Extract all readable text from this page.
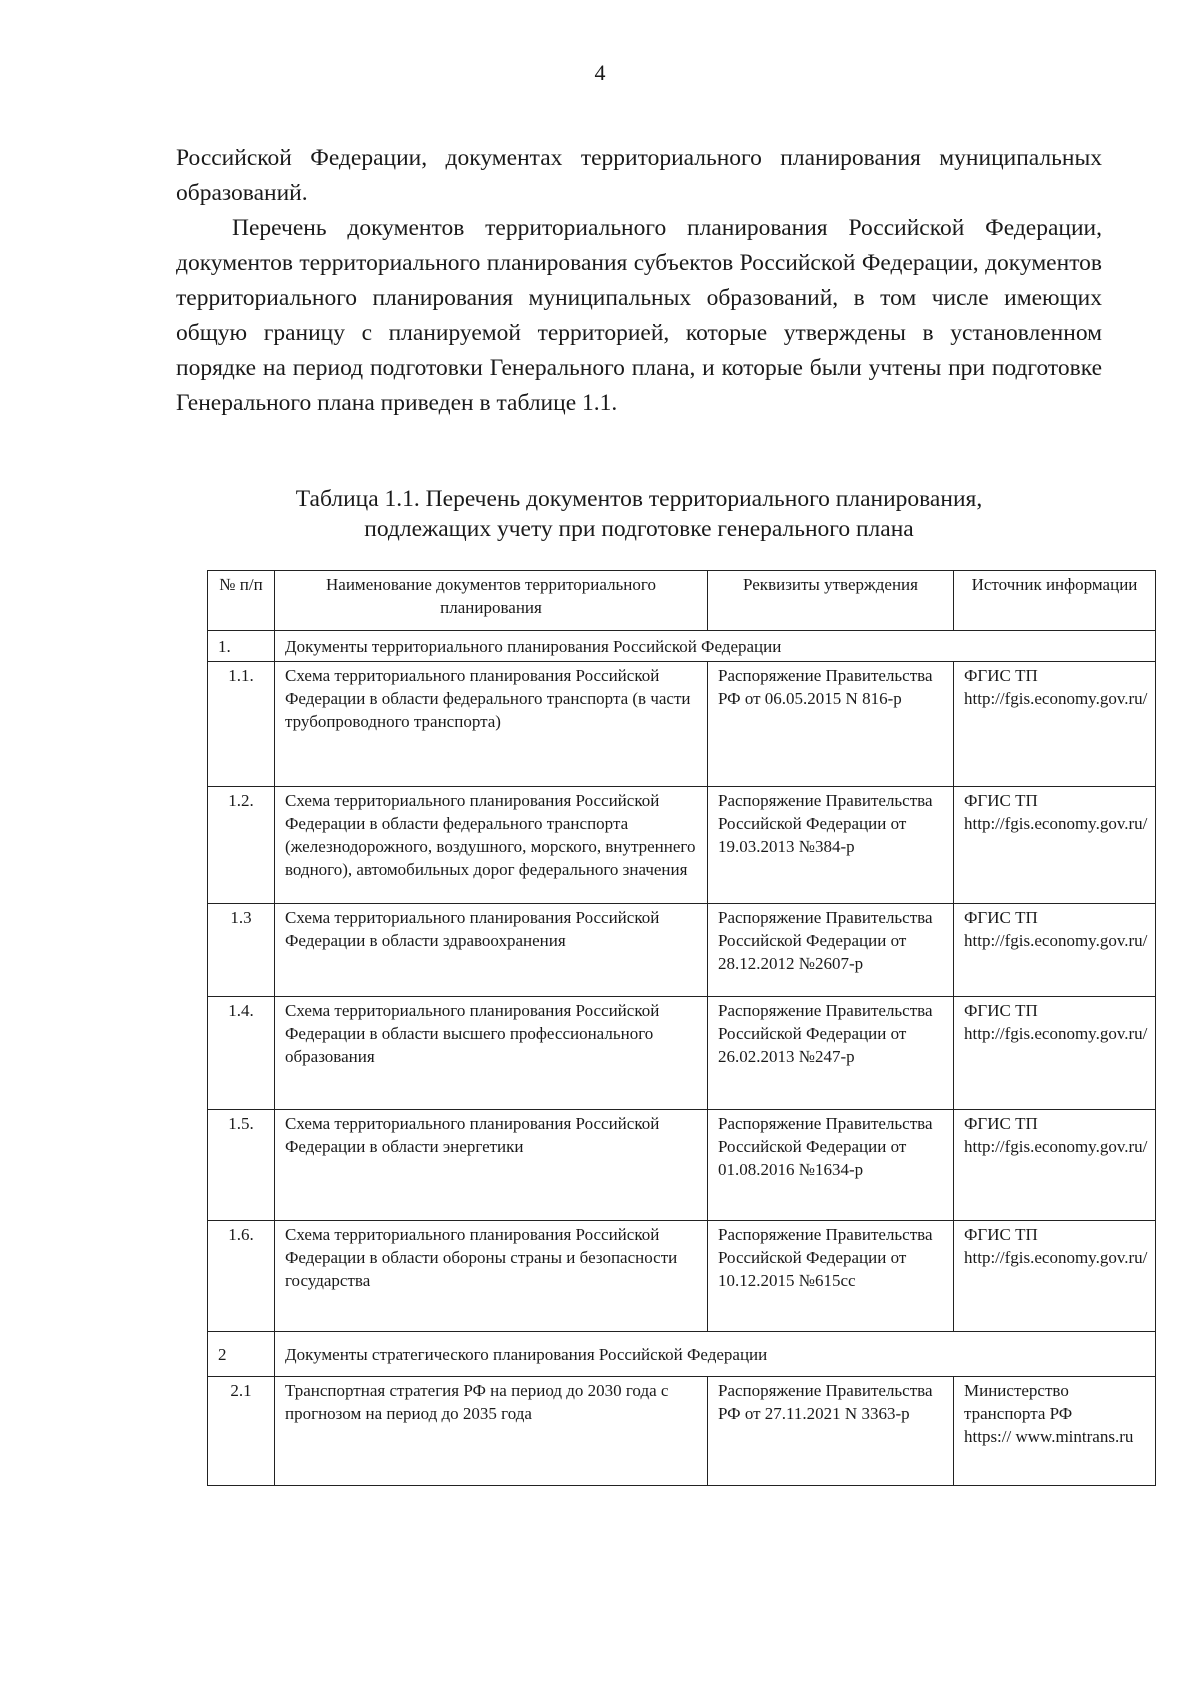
4

Российской Федерации, документах территориального планирования муниципальных образований.

Перечень документов территориального планирования Российской Федерации, документов территориального планирования субъектов Российской Федерации, документов территориального планирования муниципальных образований, в том числе имеющих общую границу с планируемой территорией, которые утверждены в установленном порядке на период подготовки Генерального плана, и которые были учтены при подготовке Генерального плана приведен в таблице 1.1.

Таблица 1.1. Перечень документов территориального планирования,
подлежащих учету при подготовке генерального плана
№ п/п	Наименование документов территориального планирования	Реквизиты утверждения	Источник информации
1.	Документы территориального планирования Российской Федерации		
1.1.	Схема территориального планирования Российской Федерации в области федерального транспорта (в части трубопроводного транспорта)	Распоряжение Правительства РФ от 06.05.2015 N 816-р	ФГИС ТП
http://fgis.economy.gov.ru/

1.2.	Схема территориального планирования Российской Федерации в области федерального транспорта (железнодорожного, воздушного, морского, внутреннего водного), автомобильных дорог федерального значения	Распоряжение Правительства Российской Федерации от 19.03.2013 №384-р	ФГИС ТП
http://fgis.economy.gov.ru/

1.3	Схема территориального планирования Российской Федерации в области здравоохранения	Распоряжение Правительства Российской Федерации от 28.12.2012 №2607-р	ФГИС ТП
http://fgis.economy.gov.ru/

1.4.	Схема территориального планирования Российской Федерации в области высшего профессионального образования	Распоряжение Правительства Российской Федерации от 26.02.2013 №247-р	ФГИС ТП
http://fgis.economy.gov.ru/

1.5.	Схема территориального планирования Российской Федерации в области энергетики	Распоряжение Правительства Российской Федерации от 01.08.2016 №1634-р	ФГИС ТП
http://fgis.economy.gov.ru/

1.6.	Схема территориального планирования Российской Федерации в области обороны страны и безопасности государства	Распоряжение Правительства Российской Федерации от 10.12.2015 №615сс	ФГИС ТП
http://fgis.economy.gov.ru/

2	Документы стратегического планирования Российской Федерации		
2.1	Транспортная стратегия РФ на период до 2030 года с прогнозом на период до 2035 года	Распоряжение Правительства РФ от 27.11.2021 N 3363-р	Министерство транспорта РФ
https:// www.mintrans.ru
